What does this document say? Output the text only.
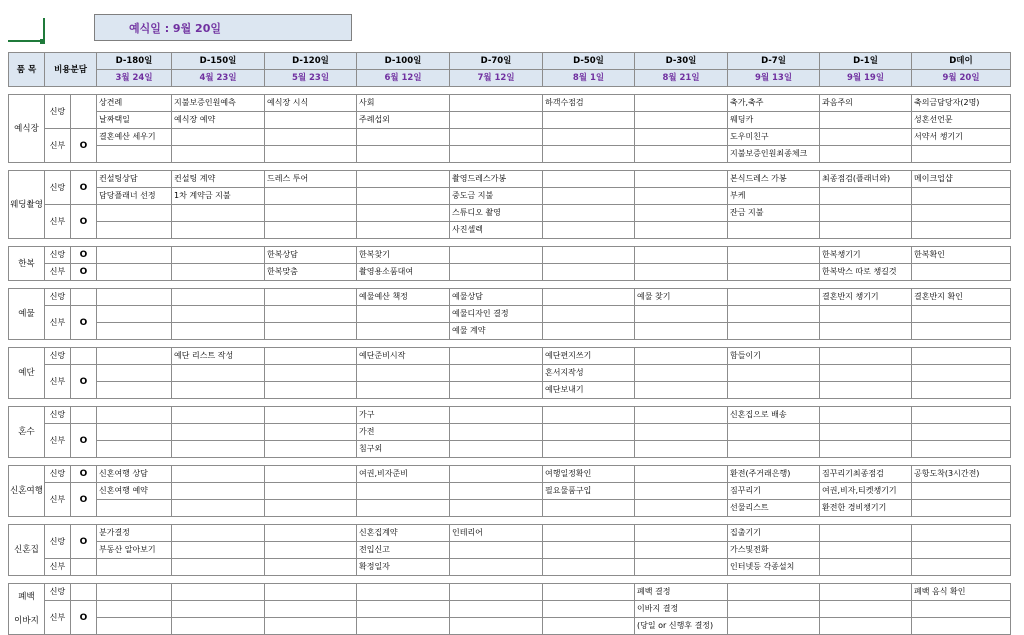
예식일 : 9월 20일
품 목	비용분담		D-180일	D-150일	D-120일	D-100일	D-70일	D-50일	D-30일	D-7일	D-1일	D데이
			3월 24일	4월 23일	5월 23일	6월 12일	7월 12일	8월 1일	8월 21일	9월 13일	9월 19일	9월 20일

예식장	신랑		상견례	지불보증인원예측	예식장 시식	사회		하객수점검		축가,축주	과음주의	축의금담당자(2명)
			날짜택일	예식장 예약		주례섭외				웨딩카		성혼선언문
	신부	O	결혼예산 세우기							도우미친구		서약서 챙기기
										지불보증인원최종체크		

웨딩촬영	신랑	O	컨설팅상담	컨설팅 계약	드레스 투어		촬영드레스가봉			본식드레스 가봉	최종점검(플래너와)	메이크업샵
			담당플래너 선정	1차 계약금 지불			중도금 지불			부케		
	신부	O					스튜디오 촬영			잔금 지불		
							사진셀렉					

한복	신랑	O			한복상담	한복찾기					한복챙기기	한복확인
	신부	O			한복맞춤	촬영용소품대여					한복박스 따로 챙길것	

예물	신랑					예물예산 책정	예물상담		예물 찾기		결혼반지 챙기기	결혼반지 확인
	신부	O					예물디자인 결정					
							예물 계약					

예단	신랑			예단 리스트 작성		예단준비시작		예단편지쓰기		함들이기		
	신부	O						혼서지작성				
								예단보내기				

혼수	신랑					가구				신혼집으로 배송		
	신부	O				가전						
						침구외						

신혼여행	신랑	O	신혼여행 상담			여권,비자준비		여행일정확인		환전(주거래은행)	짐꾸리기최종점검	공항도착(3시간전)
	신부	O	신혼여행 예약					필요물품구입		짐꾸리기	여권,비자,티켓챙기기	
										선물리스트	환전한 경비챙기기	

신혼집	신랑	O	분가결정			신혼집계약	인테리어			집출기기		
			부동산 알아보기			전입신고				가스및전화		
	신부					확정일자				인터넷등 각종설치		

폐백
이바지	신랑								폐백 결정			폐백 음식 확인
	신부	O							이바지 결정			
									(당일 or 신행후 결정)			
